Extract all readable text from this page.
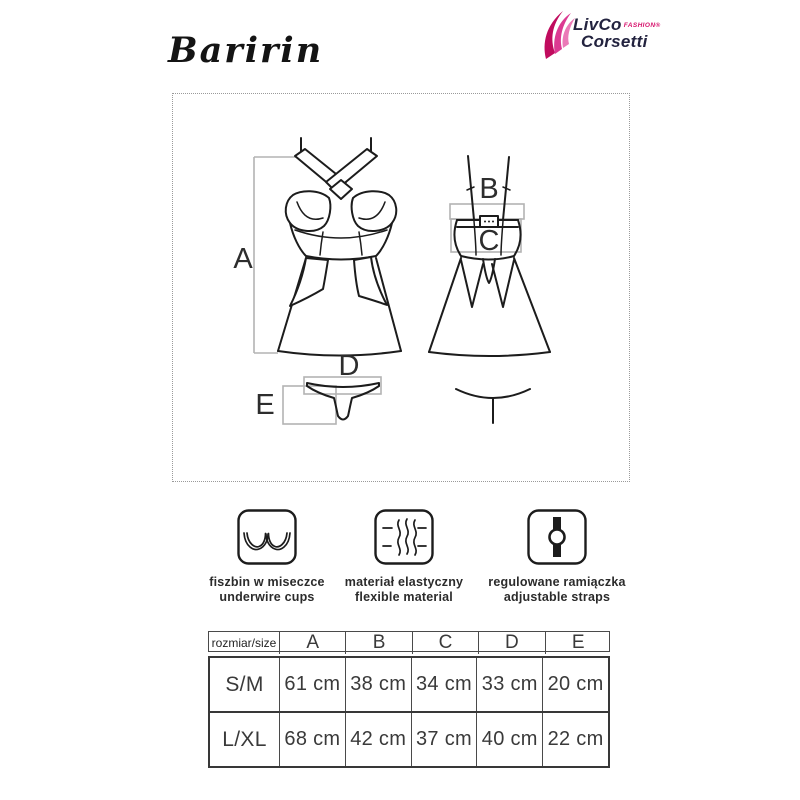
Baririn
LivCo FASHION®
Corsetti
A
B
C
D
E
fiszbin w miseczce
underwire cups
materiał elastyczny
flexible material
regulowane ramiączka
adjustable straps
rozmiar/size	A	B	C	D	E
S/M	61 cm 38 cm 34 cm 33 cm 20 cm
L/XL 68 cm 42 cm 37 cm 40 cm 22 cm
